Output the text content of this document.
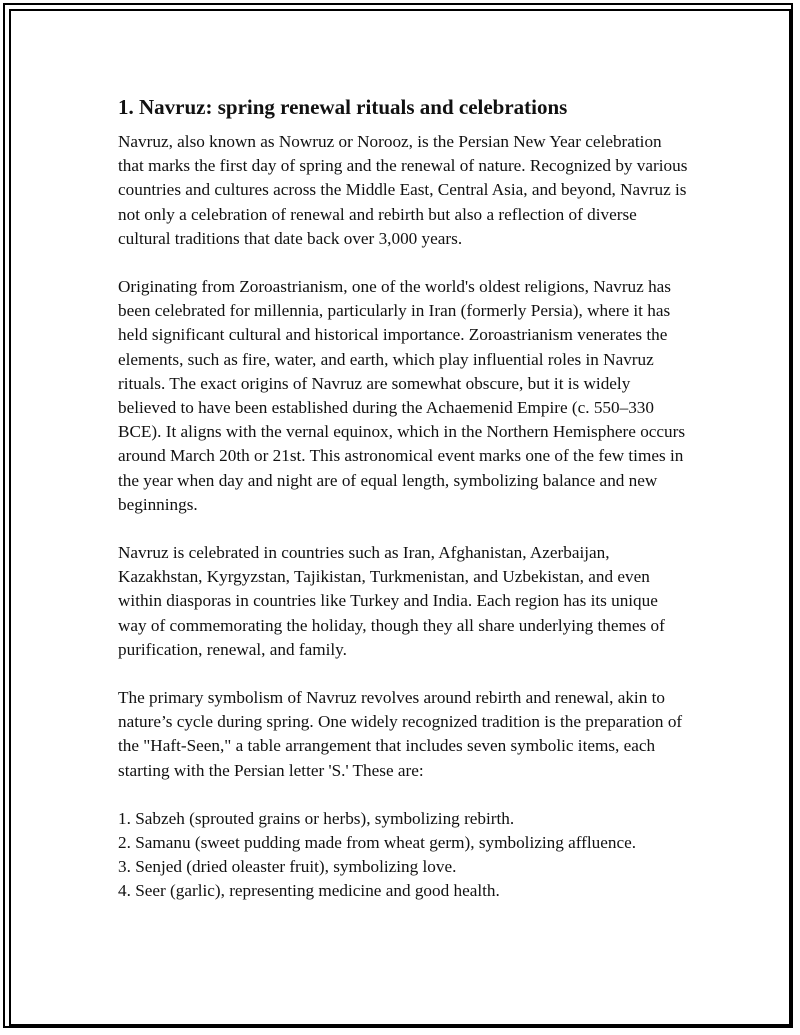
1. Navruz: spring renewal rituals and celebrations

Navruz, also known as Nowruz or Norooz, is the Persian New Year celebration that marks the first day of spring and the renewal of nature. Recognized by various countries and cultures across the Middle East, Central Asia, and beyond, Navruz is not only a celebration of renewal and rebirth but also a reflection of diverse cultural traditions that date back over 3,000 years.

Originating from Zoroastrianism, one of the world's oldest religions, Navruz has been celebrated for millennia, particularly in Iran (formerly Persia), where it has held significant cultural and historical importance. Zoroastrianism venerates the elements, such as fire, water, and earth, which play influential roles in Navruz rituals. The exact origins of Navruz are somewhat obscure, but it is widely believed to have been established during the Achaemenid Empire (c. 550–330 BCE). It aligns with the vernal equinox, which in the Northern Hemisphere occurs around March 20th or 21st. This astronomical event marks one of the few times in the year when day and night are of equal length, symbolizing balance and new beginnings.

Navruz is celebrated in countries such as Iran, Afghanistan, Azerbaijan, Kazakhstan, Kyrgyzstan, Tajikistan, Turkmenistan, and Uzbekistan, and even within diasporas in countries like Turkey and India. Each region has its unique way of commemorating the holiday, though they all share underlying themes of purification, renewal, and family.

The primary symbolism of Navruz revolves around rebirth and renewal, akin to nature’s cycle during spring. One widely recognized tradition is the preparation of the "Haft-Seen," a table arrangement that includes seven symbolic items, each starting with the Persian letter 'S.' These are:

1. Sabzeh (sprouted grains or herbs), symbolizing rebirth.
2. Samanu (sweet pudding made from wheat germ), symbolizing affluence.
3. Senjed (dried oleaster fruit), symbolizing love.
4. Seer (garlic), representing medicine and good health.
